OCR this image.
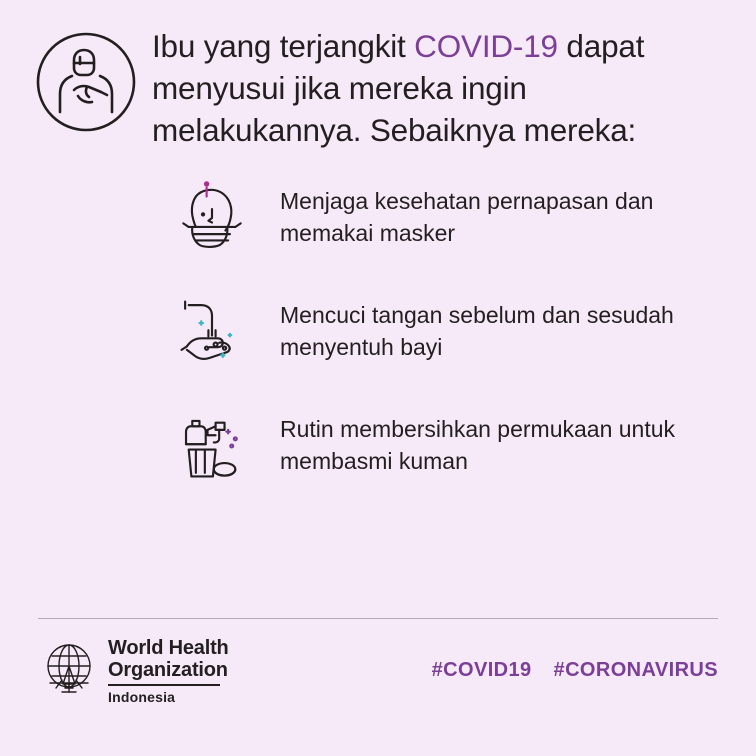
Ibu yang terjangkit COVID-19 dapat menyusui jika mereka ingin melakukannya. Sebaiknya mereka:
Menjaga kesehatan pernapasan dan memakai masker
Mencuci tangan sebelum dan sesudah menyentuh bayi
Rutin membersihkan permukaan untuk membasmi kuman
World Health
Organization
Indonesia
#COVID19 #CORONAVIRUS
